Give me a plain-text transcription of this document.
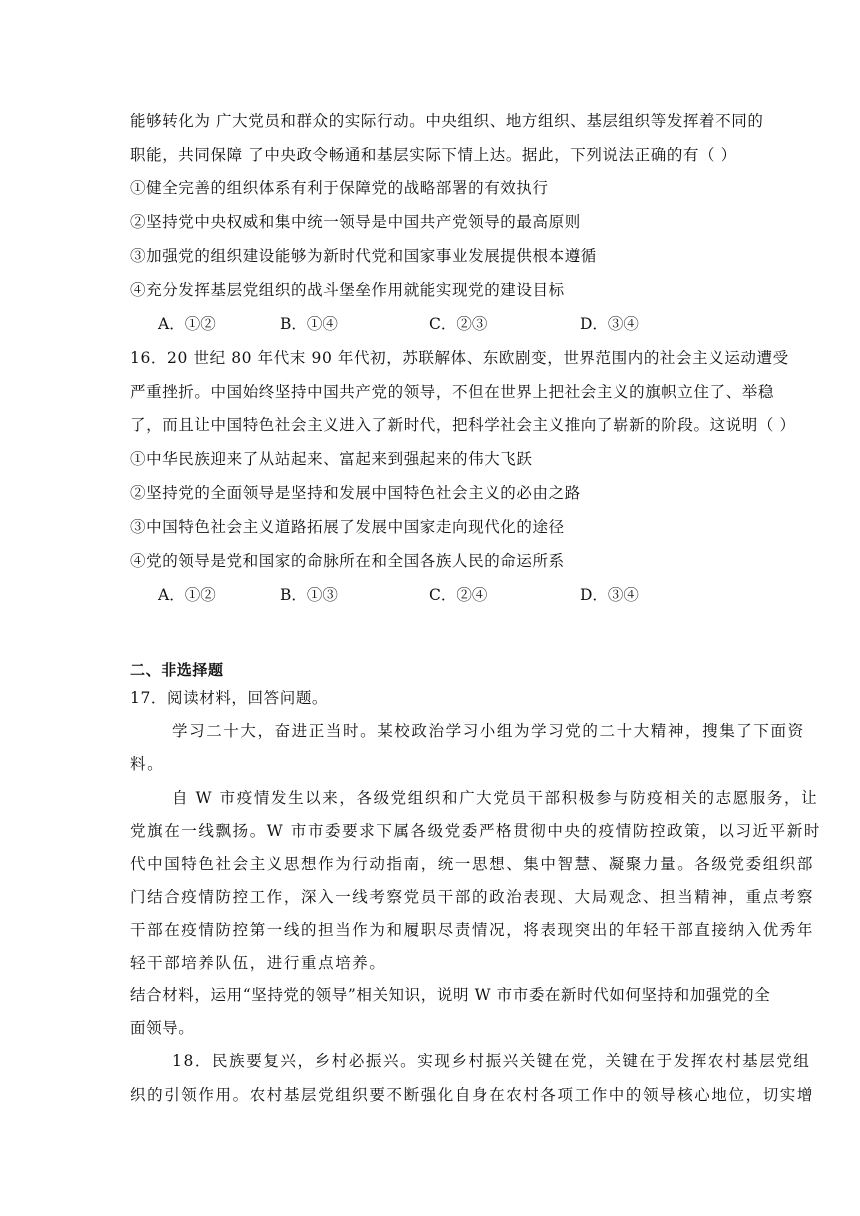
能够转化为 广大党员和群众的实际行动。中央组织、地方组织、基层组织等发挥着不同的
职能，共同保障 了中央政令畅通和基层实际下情上达。据此，下列说法正确的有（ ）
①健全完善的组织体系有利于保障党的战略部署的有效执行
②坚持党中央权威和集中统一领导是中国共产党领导的最高原则
③加强党的组织建设能够为新时代党和国家事业发展提供根本遵循
④充分发挥基层党组织的战斗堡垒作用就能实现党的建设目标
A．①②	B．①④	C．②③	D．③④
16．20 世纪 80 年代末 90 年代初，苏联解体、东欧剧变，世界范围内的社会主义运动遭受
严重挫折。中国始终坚持中国共产党的领导，不但在世界上把社会主义的旗帜立住了、举稳
了，而且让中国特色社会主义进入了新时代，把科学社会主义推向了崭新的阶段。这说明（ ）
①中华民族迎来了从站起来、富起来到强起来的伟大飞跃
②坚持党的全面领导是坚持和发展中国特色社会主义的必由之路
③中国特色社会主义道路拓展了发展中国家走向现代化的途径
④党的领导是党和国家的命脉所在和全国各族人民的命运所系
A．①②	B．①③	C．②④	D．③④
二、非选择题
17．阅读材料，回答问题。
学习二十大，奋进正当时。某校政治学习小组为学习党的二十大精神，搜集了下面资
料。
自 W 市疫情发生以来，各级党组织和广大党员干部积极参与防疫相关的志愿服务，让
党旗在一线飘扬。W 市市委要求下属各级党委严格贯彻中央的疫情防控政策，以习近平新时
代中国特色社会主义思想作为行动指南，统一思想、集中智慧、凝聚力量。各级党委组织部
门结合疫情防控工作，深入一线考察党员干部的政治表现、大局观念、担当精神，重点考察
干部在疫情防控第一线的担当作为和履职尽责情况，将表现突出的年轻干部直接纳入优秀年
轻干部培养队伍，进行重点培养。
结合材料，运用“坚持党的领导”相关知识，说明 W 市市委在新时代如何坚持和加强党的全
面领导。
18．民族要复兴，乡村必振兴。实现乡村振兴关键在党，关键在于发挥农村基层党组
织的引领作用。农村基层党组织要不断强化自身在农村各项工作中的领导核心地位，切实增
